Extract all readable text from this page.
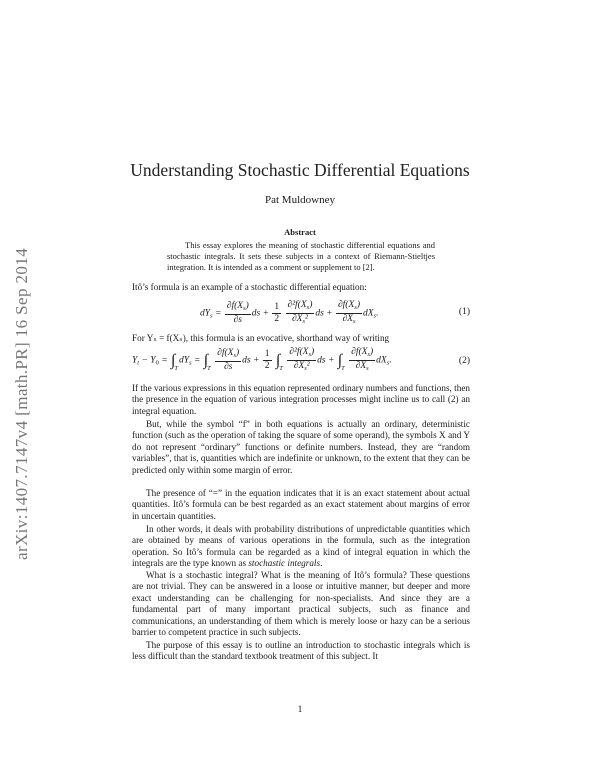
arXiv:1407.7147v4 [math.PR] 16 Sep 2014
Understanding Stochastic Differential Equations
Pat Muldowney
Abstract
This essay explores the meaning of stochastic differential equations and stochastic integrals. It sets these subjects in a context of Riemann-Stieltjes integration. It is intended as a comment or supplement to [2].
Itô’s formula is an example of a stochastic differential equation:
$dY_s = \frac{\partial f(X_s)}{\partial s}$ ds + $\frac{1}{2}$
$\frac{\partial^2f(X_s)}{\partial X_s^2}$ ds + $\frac{\partial f(X_s)}{\partial X_s} dX_s$.	(1)
For Yₛ = f(Xₛ), this formula is an evocative, shorthand way of writing
$Y_t - Y_0 = \int_TdY_s = \int_T \frac{\partial f(X_s)}{\partial s}$ ds + $\frac{1}{2} \int_T \frac{\partial^2f(X_s)}{\partial X_s^2}$ ds + $\int_T \frac{\partial f(X_s)}{\partial X_s} dX_s$.	(2)
If the various expressions in this equation represented ordinary numbers and functions, then the presence in the equation of various integration processes might incline us to call (2) an integral equation.
But, while the symbol “f” in both equations is actually an ordinary, deterministic function (such as the operation of taking the square of some operand), the symbols X and Y do not represent “ordinary” functions or definite numbers. Instead, they are “random variables”, that is, quantities which are indefinite or unknown, to the extent that they can be predicted only within some margin of error.
The presence of “=” in the equation indicates that it is an exact statement about actual quantities. Itô’s formula can be best regarded as an exact statement about margins of error in uncertain quantities.
In other words, it deals with probability distributions of unpredictable quantities which are obtained by means of various operations in the formula, such as the integration operation. So Itô’s formula can be regarded as a kind of integral equation in which the integrals are the type known as stochastic integrals.
What is a stochastic integral? What is the meaning of Itô’s formula? These questions are not trivial. They can be answered in a loose or intuitive manner, but deeper and more exact understanding can be challenging for non-specialists. And since they are a fundamental part of many important practical subjects, such as finance and communications, an understanding of them which is merely loose or hazy can be a serious barrier to competent practice in such subjects.
The purpose of this essay is to outline an introduction to stochastic integrals which is less difficult than the standard textbook treatment of this subject. It
1
